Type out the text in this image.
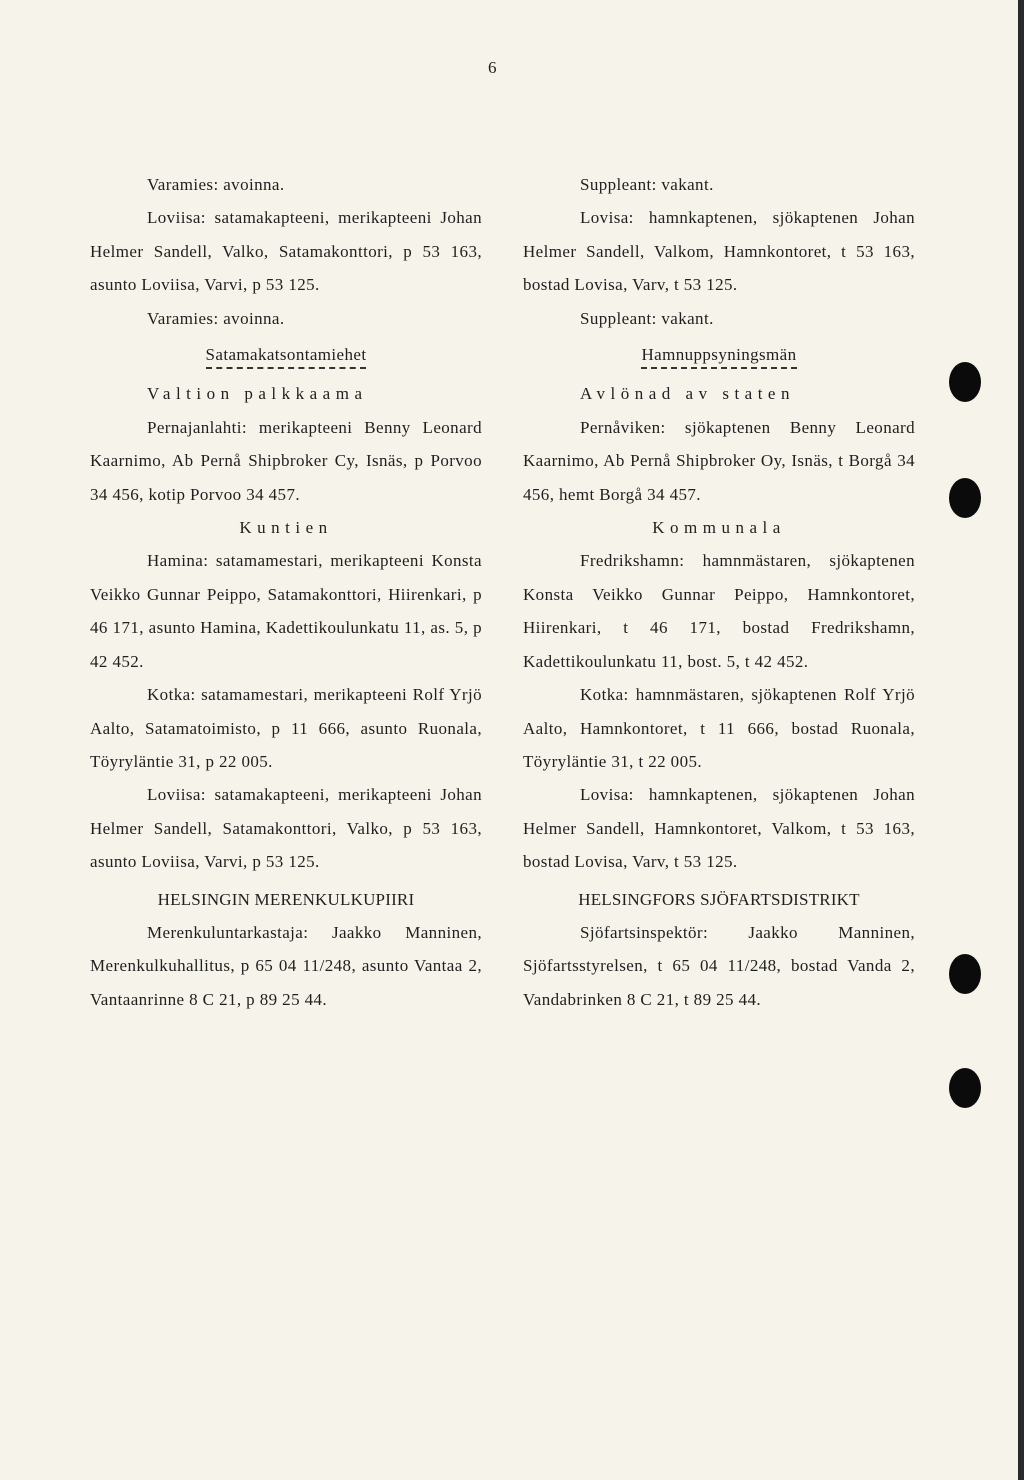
6

Varamies: avoinna.

Loviisa: satamakapteeni, merikapteeni Johan Helmer Sandell, Valko, Satamakonttori, p 53 163, asunto Loviisa, Varvi, p 53 125.

Varamies: avoinna.

Satamakatsontamiehet

Valtion palkkaama

Pernajanlahti: merikapteeni Benny Leonard Kaarnimo, Ab Pernå Shipbroker Cy, Isnäs, p Porvoo 34 456, kotip Porvoo 34 457.

Kuntien

Hamina: satamamestari, merikapteeni Konsta Veikko Gunnar Peippo, Satamakonttori, Hiirenkari, p 46 171, asunto Hamina, Kadettikoulunkatu 11, as. 5, p 42 452.

Kotka: satamamestari, merikapteeni Rolf Yrjö Aalto, Satamatoimisto, p 11 666, asunto Ruonala, Töyryläntie 31, p 22 005.

Loviisa: satamakapteeni, merikapteeni Johan Helmer Sandell, Satamakonttori, Valko, p 53 163, asunto Loviisa, Varvi, p 53 125.

HELSINGIN MERENKULKUPIIRI

Merenkuluntarkastaja: Jaakko Manninen, Merenkulkuhallitus, p 65 04 11/248, asunto Vantaa 2, Vantaanrinne 8 C 21, p 89 25 44.

Suppleant: vakant.

Lovisa: hamnkaptenen, sjökaptenen Johan Helmer Sandell, Valkom, Hamnkontoret, t 53 163, bostad Lovisa, Varv, t 53 125.

Suppleant: vakant.

Hamnuppsyningsmän

Avlönad av staten

Pernåviken: sjökaptenen Benny Leonard Kaarnimo, Ab Pernå Shipbroker Oy, Isnäs, t Borgå 34 456, hemt Borgå 34 457.

Kommunala

Fredrikshamn: hamnmästaren, sjökaptenen Konsta Veikko Gunnar Peippo, Hamnkontoret, Hiirenkari, t 46 171, bostad Fredrikshamn, Kadettikoulunkatu 11, bost. 5, t 42 452.

Kotka: hamnmästaren, sjökaptenen Rolf Yrjö Aalto, Hamnkontoret, t 11 666, bostad Ruonala, Töyryläntie 31, t 22 005.

Lovisa: hamnkaptenen, sjökaptenen Johan Helmer Sandell, Hamnkontoret, Valkom, t 53 163, bostad Lovisa, Varv, t 53 125.

HELSINGFORS SJÖFARTSDISTRIKT

Sjöfartsinspektör: Jaakko Manninen, Sjöfartsstyrelsen, t 65 04 11/248, bostad Vanda 2, Vandabrinken 8 C 21, t 89 25 44.
